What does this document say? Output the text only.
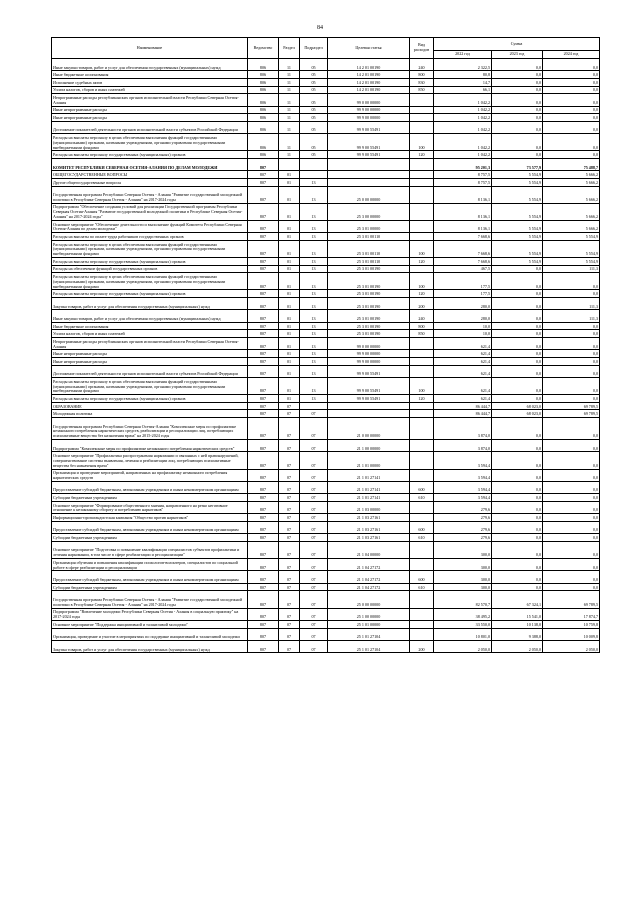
84
Наименование	Ведомство	Раздел	Подраздел	Целевая статья	Вид расходов	Сумма		
						2022 год	2023 год	2024 год
Иные закупки товаров, работ и услуг для обеспечения государственных (муниципальных) нужд	806	11	05	14 2 01 00190	240	2 322,5	0,0	0,0
Иные бюджетные ассигнования	806	11	05	14 2 01 00190	800	80,8	0,0	0,0
Исполнение судебных актов	806	11	05	14 2 01 00190	830	14,7	0,0	0,0
Уплата налогов, сборов и иных платежей	806	11	05	14 2 01 00190	850	66,1	0,0	0,0
Непрограммные расходы республиканских органов исполнительной власти Республики Северная Осетия-Алания	806	11	05	99 0 00 00000		1 042,2	0,0	0,0
Иные непрограммные расходы	806	11	05	99 9 00 00000		1 042,2	0,0	0,0
Иные непрограммные расходы	806	11	05	99 9 00 00000		1 042,2	0,0	0,0
Достижение показателей деятельности органов исполнительной власти субъектов Российской Федерации	806	11	05	99 9 00 55491		1 042,2	0,0	0,0
Расходы на выплаты персоналу в целях обеспечения выполнения функций государственными (муниципальными) органами, казенными учреждениями, органами управления государственными внебюджетными фондами	806	11	05	99 9 00 55491	100	1 042,2	0,0	0,0
Расходы на выплаты персоналу государственных (муниципальных) органов	806	11	05	99 9 00 55491	120	1 042,2	0,0	0,0
КОМИТЕТ РЕСПУБЛИКИ СЕВЕРНАЯ ОСЕТИЯ-АЛАНИЯ ПО ДЕЛАМ МОЛОДЕЖИ	807					95 201,3	73 577,9	75 488,7
ОБЩЕГОСУДАРСТВЕННЫЕ ВОПРОСЫ	807	01				8 757,5	5 554,9	5 666,2
Другие общегосударственные вопросы	807	01	13			8 757,5	5 554,9	5 666,2
Государственная программа Республики Северная Осетия - Алания "Развитие государственной молодежной политики в Республике Северная Осетия - Алания" на 2017-2024 годы	807	01	13	25 0 00 00000		8 136,1	5 554,9	5 666,2
Подпрограмма "Обеспечение создания условий для реализации Государственной программы Республики Северная Осетия-Алания "Развитие государственной молодежной политики в Республике Северная Осетия-Алания" на 2017-2024 годы"	807	01	13	25 3 00 00000		8 136,1	5 554,9	5 666,2
Основное мероприятие "Обеспечение деятельности и выполнение функций Комитета Республики Северная Осетия-Алания по делам молодежи"	807	01	13	25 3 01 00000		8 136,1	5 554,9	5 666,2
Расходы на выплаты по оплате труда работников государственных органов	807	01	13	25 3 01 00110		7 668,6	5 554,9	5 554,9
Расходы на выплаты персоналу в целях обеспечения выполнения функций государственными (муниципальными) органами, казенными учреждениями, органами управления государственными внебюджетными фондами	807	01	13	25 3 01 00110	100	7 668,6	5 554,9	5 554,9
Расходы на выплаты персоналу государственных (муниципальных) органов	807	01	13	25 3 01 00110	120	7 668,6	5 554,9	5 554,9
Расходы на обеспечение функций государственных органов	807	01	13	25 3 01 00190		467,5	0,0	111,3
Расходы на выплаты персоналу в целях обеспечения выполнения функций государственными (муниципальными) органами, казенными учреждениями, органами управления государственными внебюджетными фондами	807	01	13	25 3 01 00190	100	177,5	0,0	0,0
Расходы на выплаты персоналу государственных (муниципальных) органов	807	01	13	25 3 01 00190	120	177,5	0,0	0,0
Закупка товаров, работ и услуг для обеспечения государственных (муниципальных) нужд	807	01	13	25 3 01 00190	200	280,0	0,0	111,3
Иные закупки товаров, работ и услуг для обеспечения государственных (муниципальных) нужд	807	01	13	25 3 01 00190	240	280,0	0,0	111,3
Иные бюджетные ассигнования	807	01	13	25 3 01 00190	800	10,0	0,0	0,0
Уплата налогов, сборов и иных платежей	807	01	13	25 3 01 00190	850	10,0	0,0	0,0
Непрограммные расходы республиканских органов исполнительной власти Республики Северная Осетия-Алания	807	01	13	99 0 00 00000		621,4	0,0	0,0
Иные непрограммные расходы	807	01	13	99 9 00 00000		621,4	0,0	0,0
Иные непрограммные расходы	807	01	13	99 9 00 00000		621,4	0,0	0,0
Достижение показателей деятельности органов исполнительной власти субъектов Российской Федерации	807	01	13	99 9 00 55491		621,4	0,0	0,0
Расходы на выплаты персоналу в целях обеспечения выполнения функций государственными (муниципальными) органами, казенными учреждениями, органами управления государственными внебюджетными фондами	807	01	13	99 9 00 55491	100	621,4	0,0	0,0
Расходы на выплаты персоналу государственных (муниципальных) органов	807	01	13	99 9 00 55491	120	621,4	0,0	0,0
ОБРАЗОВАНИЕ	807	07				86 444,7	68 023,0	69 789,5
Молодежная политика	807	07	07			86 444,7	68 023,0	69 789,5
Государственная программа Республики Северная Осетия-Алания "Комплексные меры по профилактике незаконного потребления наркотических средств, реабилитации и ресоциализации лиц, потребляющих психоактивные вещества без назначения врача" на 2015-2024 годы	807	07	07	21 0 00 00000		3 874,0	0,0	0,0
Подпрограмма "Комплексные меры по профилактике незаконного потребления наркотических средств"	807	07	07	21 1 00 00000		3 874,0	0,0	0,0
Основное мероприятие "Профилактика распространения наркомании и связанных с ней правонарушений, совершенствование системы выявления, лечения и реабилитации лиц, потребляющих психоактивные вещества без назначения врача"	807	07	07	21 1 01 00000		3 594,4	0,0	0,0
Организация и проведение мероприятий, направленных на профилактику незаконного потребления наркотических средств	807	07	07	21 1 01 27141		3 594,4	0,0	0,0
Предоставление субсидий бюджетным, автономным учреждениям и иным некоммерческим организациям	807	07	07	21 1 01 27141	600	3 594,4	0,0	0,0
Субсидии бюджетным учреждениям	807	07	07	21 1 01 27141	610	3 594,4	0,0	0,0
Основное мероприятие "Формирование общественного мнения, направленного на резко негативное отношение к незаконному обороту и потреблению наркотиков"	807	07	07	21 1 03 00000		279,6	0,0	0,0
Информационно-пропагандистская кампания "Общество против наркотиков"	807	07	07	21 1 03 27161		279,6	0,0	0,0
Предоставление субсидий бюджетным, автономным учреждениям и иным некоммерческим организациям	807	07	07	21 1 03 27161	600	279,6	0,0	0,0
Субсидии бюджетным учреждениям	807	07	07	21 1 03 27161	610	279,6	0,0	0,0
Основное мероприятие "Подготовка и повышение квалификации специалистов субъектов профилактики и лечения наркомании, в том числе в сфере реабилитации и ресоциализации"	807	07	07	21 1 04 00000		300,0	0,0	0,0
Организация обучения и повышения квалификации психологов-волонтеров, специалистов по социальной работе в сфере реабилитации и ресоциализации	807	07	07	21 1 04 27172		300,0	0,0	0,0
Предоставление субсидий бюджетным, автономным учреждениям и иным некоммерческим организациям	807	07	07	21 1 04 27172	600	300,0	0,0	0,0
Субсидии бюджетным учреждениям	807	07	07	21 1 04 27172	610	300,0	0,0	0,0
Государственная программа Республики Северная Осетия - Алания "Развитие государственной молодежной политики в Республике Северная Осетия - Алания" на 2017-2024 годы	807	07	07	25 0 00 00000		82 570,7	67 324,1	69 789,5
Подпрограмма "Вовлечение молодежи Республики Северная Осетия - Алания в социальную практику" на 2017-2024 годы	807	07	07	25 1 00 00000		38 495,2	15 541,0	17 874,7
Основное мероприятие "Поддержка инициативной и талантливой молодежи"	807	07	07	25 1 01 00000		33 550,0	10 138,0	10 759,8
Организация, проведение и участие в мероприятиях по поддержке инициативной и талантливой молодежи	807	07	07	25 1 01 27104		10 801,0	9 388,0	10 009,8
Закупка товаров, работ и услуг для обеспечения государственных (муниципальных) нужд	807	07	07	25 1 01 27104	200	2 050,0	2 050,0	2 050,0
